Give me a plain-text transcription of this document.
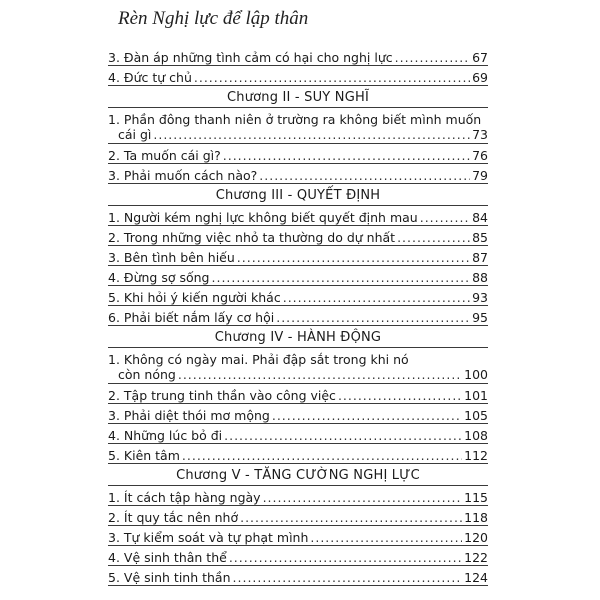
Rèn Nghị lực để lập thân
3. Đàn áp những tình cảm có hại cho nghị lực .....	67
4. Đức tự chủ .....	69
Chương II - SUY NGHĨ
1. Phần đông thanh niên ở trường ra không biết mình muốn
cái gì .....	73
2. Ta muốn cái gì? .....	76
3. Phải muốn cách nào? .....	79
Chương III - QUYẾT ĐỊNH
1. Người kém nghị lực không biết quyết định mau .....	84
2. Trong những việc nhỏ ta thường do dự nhất .....	85
3. Bên tình bên hiếu .....	87
4. Đừng sợ sống .....	88
5. Khi hỏi ý kiến người khác .....	93
6. Phải biết nắm lấy cơ hội .....	95
Chương IV - HÀNH ĐỘNG
1. Không có ngày mai. Phải đập sắt trong khi nó
còn nóng .....	100
2. Tập trung tinh thần vào công việc .....	101
3. Phải diệt thói mơ mộng .....	105
4. Những lúc bỏ đi .....	108
5. Kiên tâm .....	112
Chương V - TĂNG CƯỜNG NGHỊ LỰC
1. Ít cách tập hàng ngày .....	115
2. Ít quy tắc nên nhớ .....	118
3. Tự kiểm soát và tự phạt mình .....	120
4. Vệ sinh thân thể .....	122
5. Vệ sinh tinh thần .....	124
